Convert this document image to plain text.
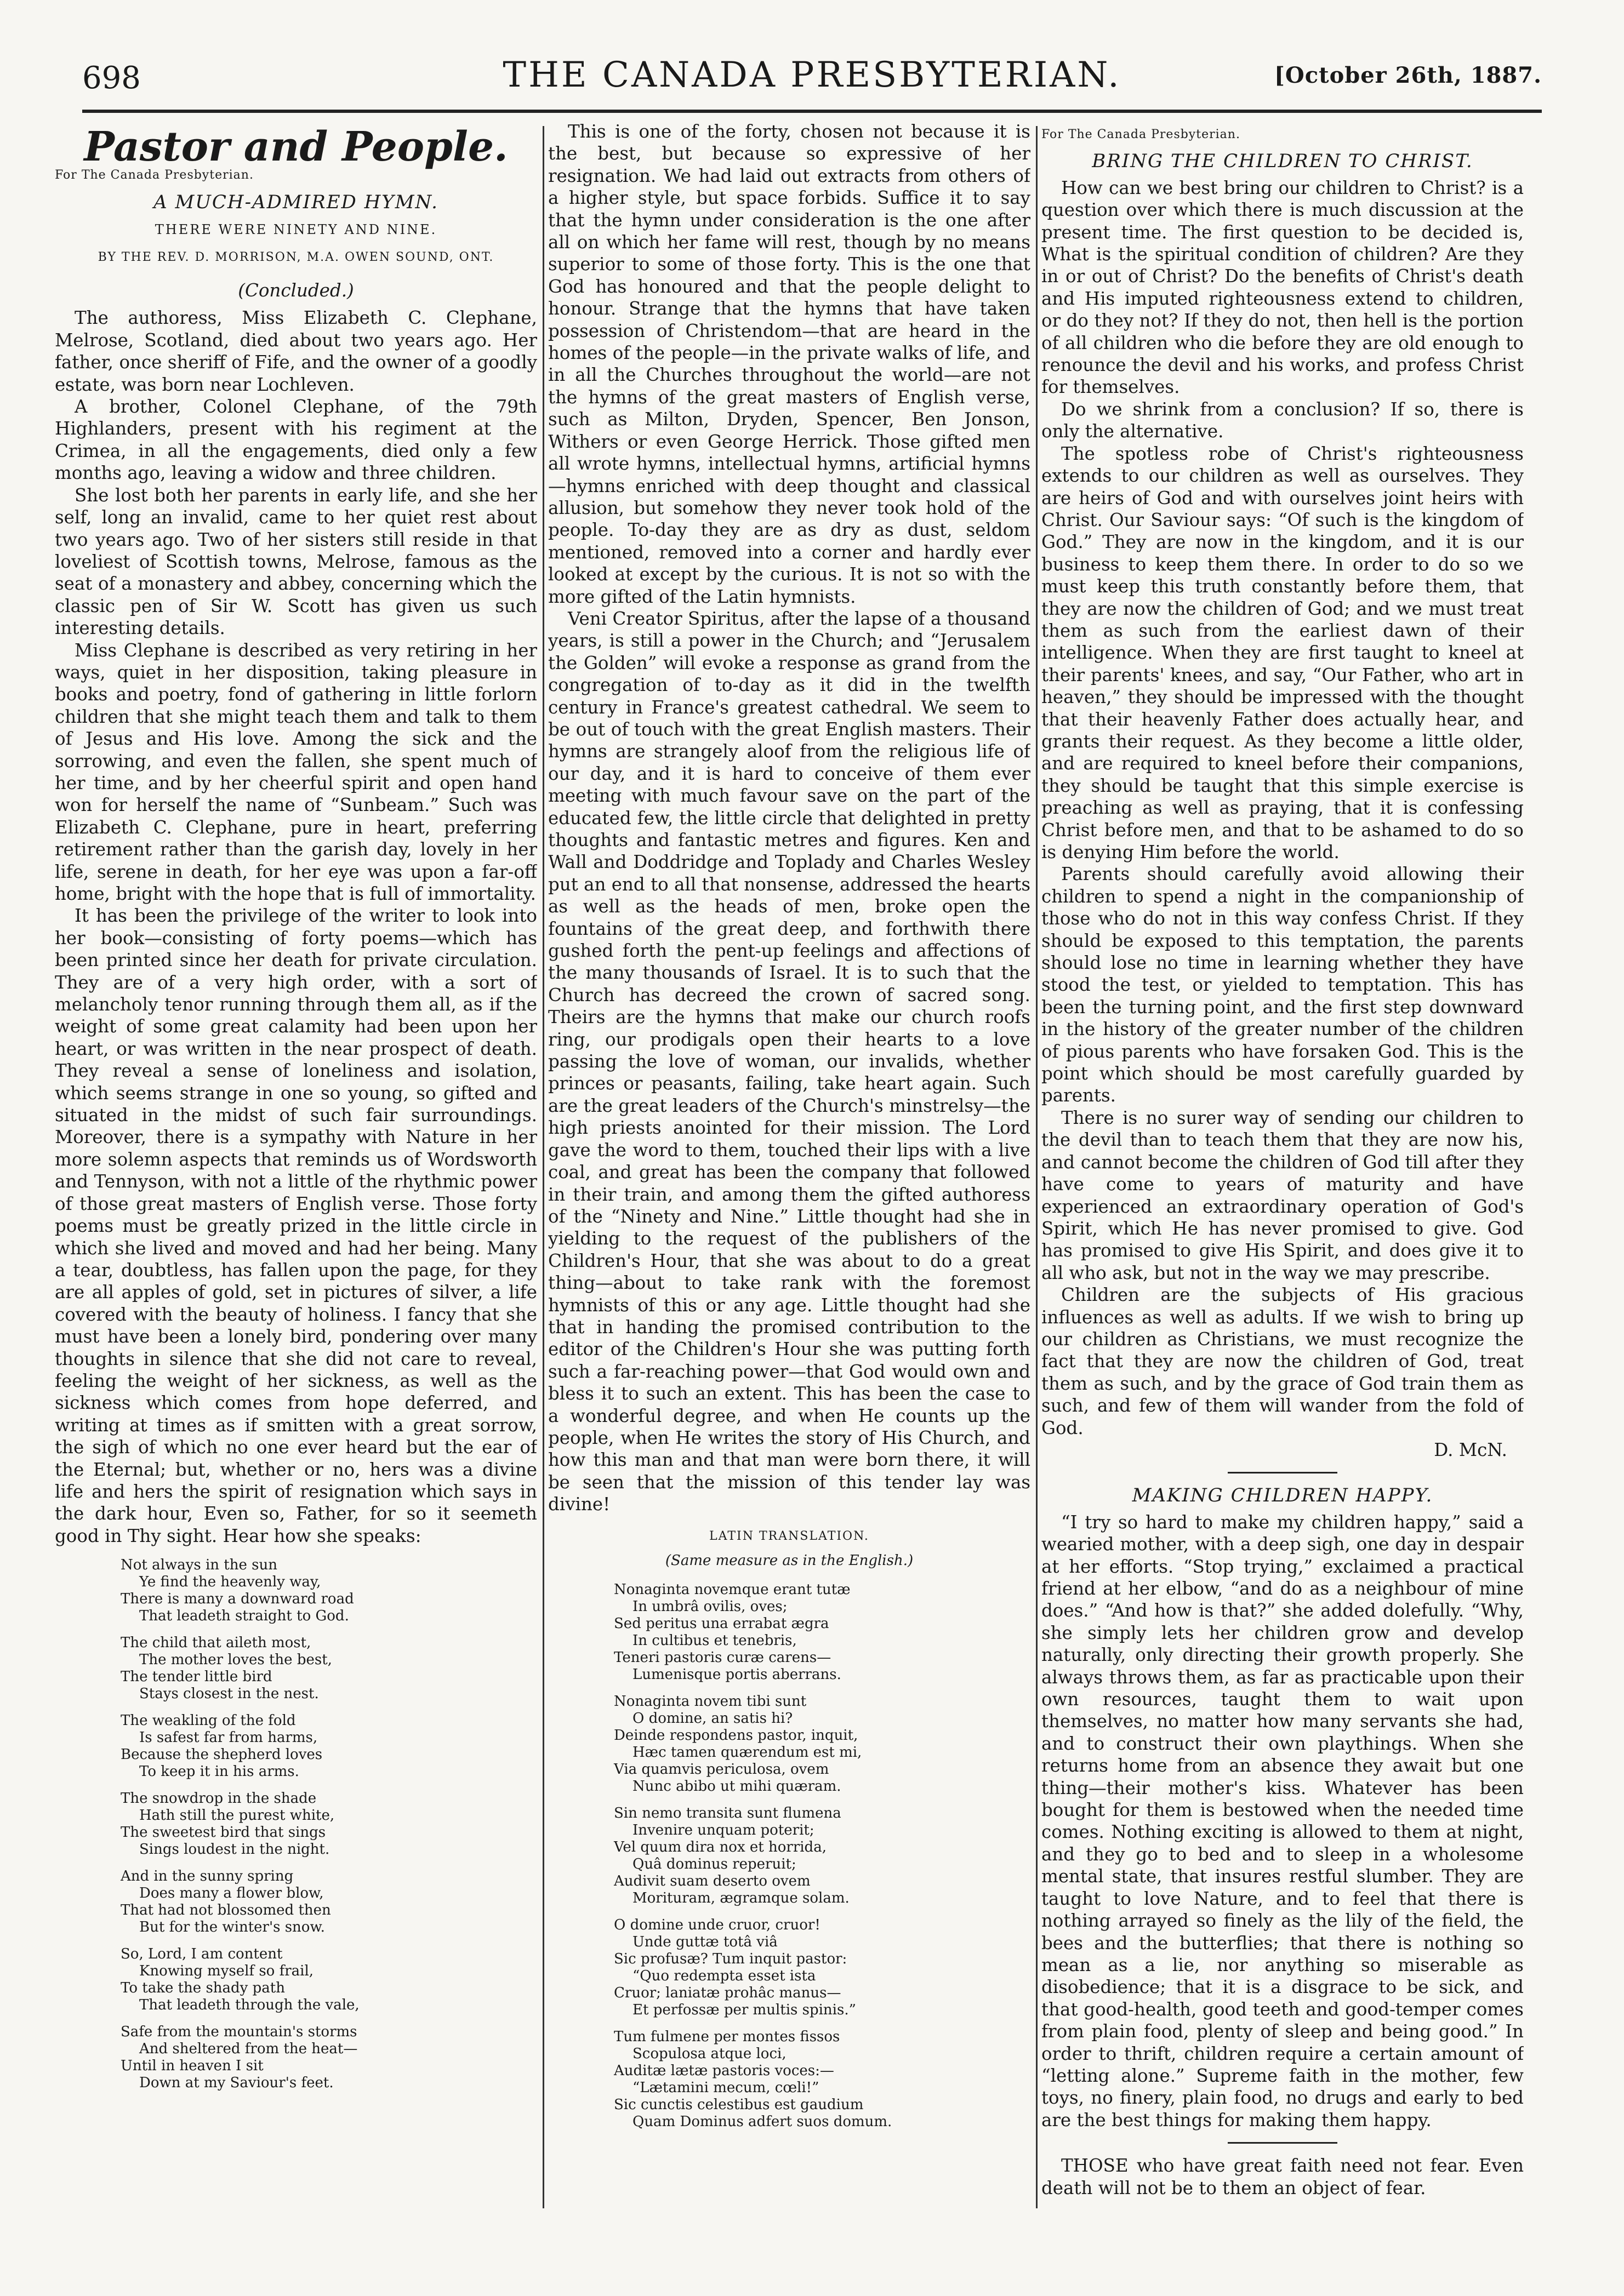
698	THE CANADA PRESBYTERIAN.	[October 26th, 1887.
Pastor and People.

For The Canada Presbyterian.

A MUCH-ADMIRED HYMN.
THERE WERE NINETY AND NINE.
BY THE REV. D. MORRISON, M.A. OWEN SOUND, ONT.
(Concluded.)

The authoress, Miss Elizabeth C. Clephane, Melrose, Scotland, died about two years ago. Her father, once sheriff of Fife, and the owner of a goodly estate, was born near Lochleven.

A brother, Colonel Clephane, of the 79th Highlanders, present with his regiment at the Crimea, in all the engagements, died only a few months ago, leaving a widow and three children.

She lost both her parents in early life, and she her self, long an invalid, came to her quiet rest about two years ago. Two of her sisters still reside in that loveliest of Scottish towns, Melrose, famous as the seat of a monastery and abbey, concerning which the classic pen of Sir W. Scott has given us such interesting details.

Miss Clephane is described as very retiring in her ways, quiet in her disposition, taking pleasure in books and poetry, fond of gathering in little forlorn children that she might teach them and talk to them of Jesus and His love. Among the sick and the sorrowing, and even the fallen, she spent much of her time, and by her cheerful spirit and open hand won for herself the name of “Sunbeam.” Such was Elizabeth C. Clephane, pure in heart, preferring retirement rather than the garish day, lovely in her life, serene in death, for her eye was upon a far-off home, bright with the hope that is full of immortality.

It has been the privilege of the writer to look into her book—consisting of forty poems—which has been printed since her death for private circulation. They are of a very high order, with a sort of melancholy tenor running through them all, as if the weight of some great calamity had been upon her heart, or was written in the near prospect of death. They reveal a sense of loneliness and isolation, which seems strange in one so young, so gifted and situated in the midst of such fair surroundings. Moreover, there is a sympathy with Nature in her more solemn aspects that reminds us of Wordsworth and Tennyson, with not a little of the rhythmic power of those great masters of English verse. Those forty poems must be greatly prized in the little circle in which she lived and moved and had her being. Many a tear, doubtless, has fallen upon the page, for they are all apples of gold, set in pictures of silver, a life covered with the beauty of holiness. I fancy that she must have been a lonely bird, pondering over many thoughts in silence that she did not care to reveal, feeling the weight of her sickness, as well as the sickness which comes from hope deferred, and writing at times as if smitten with a great sorrow, the sigh of which no one ever heard but the ear of the Eternal; but, whether or no, hers was a divine life and hers the spirit of resignation which says in the dark hour, Even so, Father, for so it seemeth good in Thy sight. Hear how she speaks:

Not always in the sun
Ye find the heavenly way,
There is many a downward road
That leadeth straight to God.
The child that aileth most,
The mother loves the best,
The tender little bird
Stays closest in the nest.
The weakling of the fold
Is safest far from harms,
Because the shepherd loves
To keep it in his arms.
The snowdrop in the shade
Hath still the purest white,
The sweetest bird that sings
Sings loudest in the night.
And in the sunny spring
Does many a flower blow,
That had not blossomed then
But for the winter's snow.
So, Lord, I am content
Knowing myself so frail,
To take the shady path
That leadeth through the vale,
Safe from the mountain's storms
And sheltered from the heat—
Until in heaven I sit
Down at my Saviour's feet.

This is one of the forty, chosen not because it is the best, but because so expressive of her resignation. We had laid out extracts from others of a higher style, but space forbids. Suffice it to say that the hymn under consideration is the one after all on which her fame will rest, though by no means superior to some of those forty. This is the one that God has honoured and that the people delight to honour. Strange that the hymns that have taken possession of Christendom—that are heard in the homes of the people—in the private walks of life, and in all the Churches throughout the world—are not the hymns of the great masters of English verse, such as Milton, Dryden, Spencer, Ben Jonson, Withers or even George Herrick. Those gifted men all wrote hymns, intellectual hymns, artificial hymns—hymns enriched with deep thought and classical allusion, but somehow they never took hold of the people. To-day they are as dry as dust, seldom mentioned, removed into a corner and hardly ever looked at except by the curious. It is not so with the more gifted of the Latin hymnists.

Veni Creator Spiritus, after the lapse of a thousand years, is still a power in the Church; and “Jerusalem the Golden” will evoke a response as grand from the congregation of to-day as it did in the twelfth century in France's greatest cathedral. We seem to be out of touch with the great English masters. Their hymns are strangely aloof from the religious life of our day, and it is hard to conceive of them ever meeting with much favour save on the part of the educated few, the little circle that delighted in pretty thoughts and fantastic metres and figures. Ken and Wall and Doddridge and Toplady and Charles Wesley put an end to all that nonsense, addressed the hearts as well as the heads of men, broke open the fountains of the great deep, and forthwith there gushed forth the pent-up feelings and affections of the many thousands of Israel. It is to such that the Church has decreed the crown of sacred song. Theirs are the hymns that make our church roofs ring, our prodigals open their hearts to a love passing the love of woman, our invalids, whether princes or peasants, failing, take heart again. Such are the great leaders of the Church's minstrelsy—the high priests anointed for their mission. The Lord gave the word to them, touched their lips with a live coal, and great has been the company that followed in their train, and among them the gifted authoress of the “Ninety and Nine.” Little thought had she in yielding to the request of the publishers of the Children's Hour, that she was about to do a great thing—about to take rank with the foremost hymnists of this or any age. Little thought had she that in handing the promised contribution to the editor of the Children's Hour she was putting forth such a far-reaching power—that God would own and bless it to such an extent. This has been the case to a wonderful degree, and when He counts up the people, when He writes the story of His Church, and how this man and that man were born there, it will be seen that the mission of this tender lay was divine!

LATIN TRANSLATION.
(Same measure as in the English.)
Nonaginta novemque erant tutæ
In umbrâ ovilis, oves;
Sed peritus una errabat ægra
In cultibus et tenebris,
Teneri pastoris curæ carens—
Lumenisque portis aberrans.
Nonaginta novem tibi sunt
O domine, an satis hi?
Deinde respondens pastor, inquit,
Hæc tamen quærendum est mi,
Via quamvis periculosa, ovem
Nunc abibo ut mihi quæram.
Sin nemo transita sunt flumena
Invenire unquam poterit;
Vel quum dira nox et horrida,
Quâ dominus reperuit;
Audivit suam deserto ovem
Morituram, ægramque solam.
O domine unde cruor, cruor!
Unde guttæ totâ viâ
Sic profusæ? Tum inquit pastor:
“Quo redempta esset ista
Cruor; laniatæ prohâc manus—
Et perfossæ per multis spinis.”
Tum fulmene per montes fissos
Scopulosa atque loci,
Auditæ lætæ pastoris voces:—
“Lætamini mecum, cœli!”
Sic cunctis celestibus est gaudium
Quam Dominus adfert suos domum.

For The Canada Presbyterian.

BRING THE CHILDREN TO CHRIST.

How can we best bring our children to Christ? is a question over which there is much discussion at the present time. The first question to be decided is, What is the spiritual condition of children? Are they in or out of Christ? Do the benefits of Christ's death and His imputed righteousness extend to children, or do they not? If they do not, then hell is the portion of all children who die before they are old enough to renounce the devil and his works, and profess Christ for themselves.

Do we shrink from a conclusion? If so, there is only the alternative.

The spotless robe of Christ's righteousness extends to our children as well as ourselves. They are heirs of God and with ourselves joint heirs with Christ. Our Saviour says: “Of such is the kingdom of God.” They are now in the kingdom, and it is our business to keep them there. In order to do so we must keep this truth constantly before them, that they are now the children of God; and we must treat them as such from the earliest dawn of their intelligence. When they are first taught to kneel at their parents' knees, and say, “Our Father, who art in heaven,” they should be impressed with the thought that their heavenly Father does actually hear, and grants their request. As they become a little older, and are required to kneel before their companions, they should be taught that this simple exercise is preaching as well as praying, that it is confessing Christ before men, and that to be ashamed to do so is denying Him before the world.

Parents should carefully avoid allowing their children to spend a night in the companionship of those who do not in this way confess Christ. If they should be exposed to this temptation, the parents should lose no time in learning whether they have stood the test, or yielded to temptation. This has been the turning point, and the first step downward in the history of the greater number of the children of pious parents who have forsaken God. This is the point which should be most carefully guarded by parents.

There is no surer way of sending our children to the devil than to teach them that they are now his, and cannot become the children of God till after they have come to years of maturity and have experienced an extraordinary operation of God's Spirit, which He has never promised to give. God has promised to give His Spirit, and does give it to all who ask, but not in the way we may prescribe.

Children are the subjects of His gracious influences as well as adults. If we wish to bring up our children as Christians, we must recognize the fact that they are now the children of God, treat them as such, and by the grace of God train them as such, and few of them will wander from the fold of God.

D. McN.
MAKING CHILDREN HAPPY.

“I try so hard to make my children happy,” said a wearied mother, with a deep sigh, one day in despair at her efforts. “Stop trying,” exclaimed a practical friend at her elbow, “and do as a neighbour of mine does.” “And how is that?” she added dolefully. “Why, she simply lets her children grow and develop naturally, only directing their growth properly. She always throws them, as far as practicable upon their own resources, taught them to wait upon themselves, no matter how many servants she had, and to construct their own playthings. When she returns home from an absence they await but one thing—their mother's kiss. Whatever has been bought for them is bestowed when the needed time comes. Nothing exciting is allowed to them at night, and they go to bed and to sleep in a wholesome mental state, that insures restful slumber. They are taught to love Nature, and to feel that there is nothing arrayed so finely as the lily of the field, the bees and the butterflies; that there is nothing so mean as a lie, nor anything so miserable as disobedience; that it is a disgrace to be sick, and that good-health, good teeth and good-temper comes from plain food, plenty of sleep and being good.” In order to thrift, children require a certain amount of “letting alone.” Supreme faith in the mother, few toys, no finery, plain food, no drugs and early to bed are the best things for making them happy.

THOSE who have great faith need not fear. Even death will not be to them an object of fear.
